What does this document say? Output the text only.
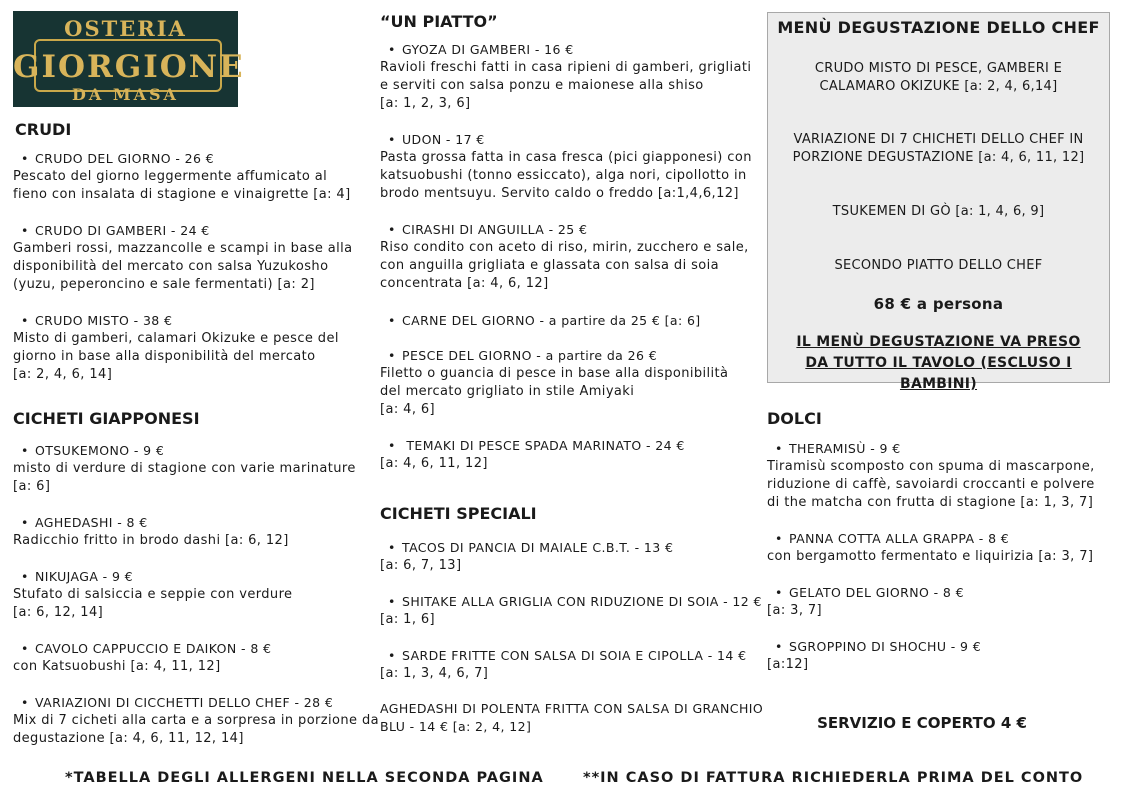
OSTERIA
GIORGIONE
DA MASA
CRUDI
• CRUDO DEL GIORNO - 26 €
Pescato del giorno leggermente affumicato al
fieno con insalata di stagione e vinaigrette [a: 4]
• CRUDO DI GAMBERI - 24 €
Gamberi rossi, mazzancolle e scampi in base alla
disponibilità del mercato con salsa Yuzukosho
(yuzu, peperoncino e sale fermentati) [a: 2]
• CRUDO MISTO - 38 €
Misto di gamberi, calamari Okizuke e pesce del
giorno in base alla disponibilità del mercato
[a: 2, 4, 6, 14]
CICHETI GIAPPONESI
• OTSUKEMONO - 9 €
misto di verdure di stagione con varie marinature
[a: 6]
• AGHEDASHI - 8 €
Radicchio fritto in brodo dashi [a: 6, 12]
• NIKUJAGA - 9 €
Stufato di salsiccia e seppie con verdure
[a: 6, 12, 14]
• CAVOLO CAPPUCCIO E DAIKON - 8 €
con Katsuobushi [a: 4, 11, 12]
• VARIAZIONI DI CICCHETTI DELLO CHEF - 28 €
Mix di 7 cicheti alla carta e a sorpresa in porzione da
degustazione [a: 4, 6, 11, 12, 14]
“UN PIATTO”
• GYOZA DI GAMBERI - 16 €
Ravioli freschi fatti in casa ripieni di gamberi, grigliati
e serviti con salsa ponzu e maionese alla shiso
[a: 1, 2, 3, 6]
• UDON - 17 €
Pasta grossa fatta in casa fresca (pici giapponesi) con
katsuobushi (tonno essiccato), alga nori, cipollotto in
brodo mentsuyu. Servito caldo o freddo [a:1,4,6,12]
• CIRASHI DI ANGUILLA - 25 €
Riso condito con aceto di riso, mirin, zucchero e sale,
con anguilla grigliata e glassata con salsa di soia
concentrata [a: 4, 6, 12]
• CARNE DEL GIORNO - a partire da 25 € [a: 6]
• PESCE DEL GIORNO - a partire da 26 €
Filetto o guancia di pesce in base alla disponibilità
del mercato grigliato in stile Amiyaki
[a: 4, 6]
• TEMAKI DI PESCE SPADA MARINATO - 24 €
[a: 4, 6, 11, 12]
CICHETI SPECIALI
• TACOS DI PANCIA DI MAIALE C.B.T. - 13 €
[a: 6, 7, 13]
• SHITAKE ALLA GRIGLIA CON RIDUZIONE DI SOIA - 12 €
[a: 1, 6]
• SARDE FRITTE CON SALSA DI SOIA E CIPOLLA - 14 €
[a: 1, 3, 4, 6, 7]
AGHEDASHI DI POLENTA FRITTA CON SALSA DI GRANCHIO
BLU - 14 € [a: 2, 4, 12]
MENÙ DEGUSTAZIONE DELLO CHEF
CRUDO MISTO DI PESCE, GAMBERI E CALAMARO OKIZUKE [a: 2, 4, 6,14]
VARIAZIONE DI 7 CHICHETI DELLO CHEF IN PORZIONE DEGUSTAZIONE [a: 4, 6, 11, 12]
TSUKEMEN DI GÒ [a: 1, 4, 6, 9]
SECONDO PIATTO DELLO CHEF
68 € a persona
IL MENÙ DEGUSTAZIONE VA PRESO DA TUTTO IL TAVOLO (ESCLUSO I BAMBINI)
DOLCI
• THERAMISÙ - 9 €
Tiramisù scomposto con spuma di mascarpone,
riduzione di caffè, savoiardi croccanti e polvere
di the matcha con frutta di stagione [a: 1, 3, 7]
• PANNA COTTA ALLA GRAPPA - 8 €
con bergamotto fermentato e liquirizia [a: 3, 7]
• GELATO DEL GIORNO - 8 €
[a: 3, 7]
• SGROPPINO DI SHOCHU - 9 €
[a:12]
SERVIZIO E COPERTO 4 €
*TABELLA DEGLI ALLERGENI NELLA SECONDA PAGINA	**IN CASO DI FATTURA RICHIEDERLA PRIMA DEL CONTO
